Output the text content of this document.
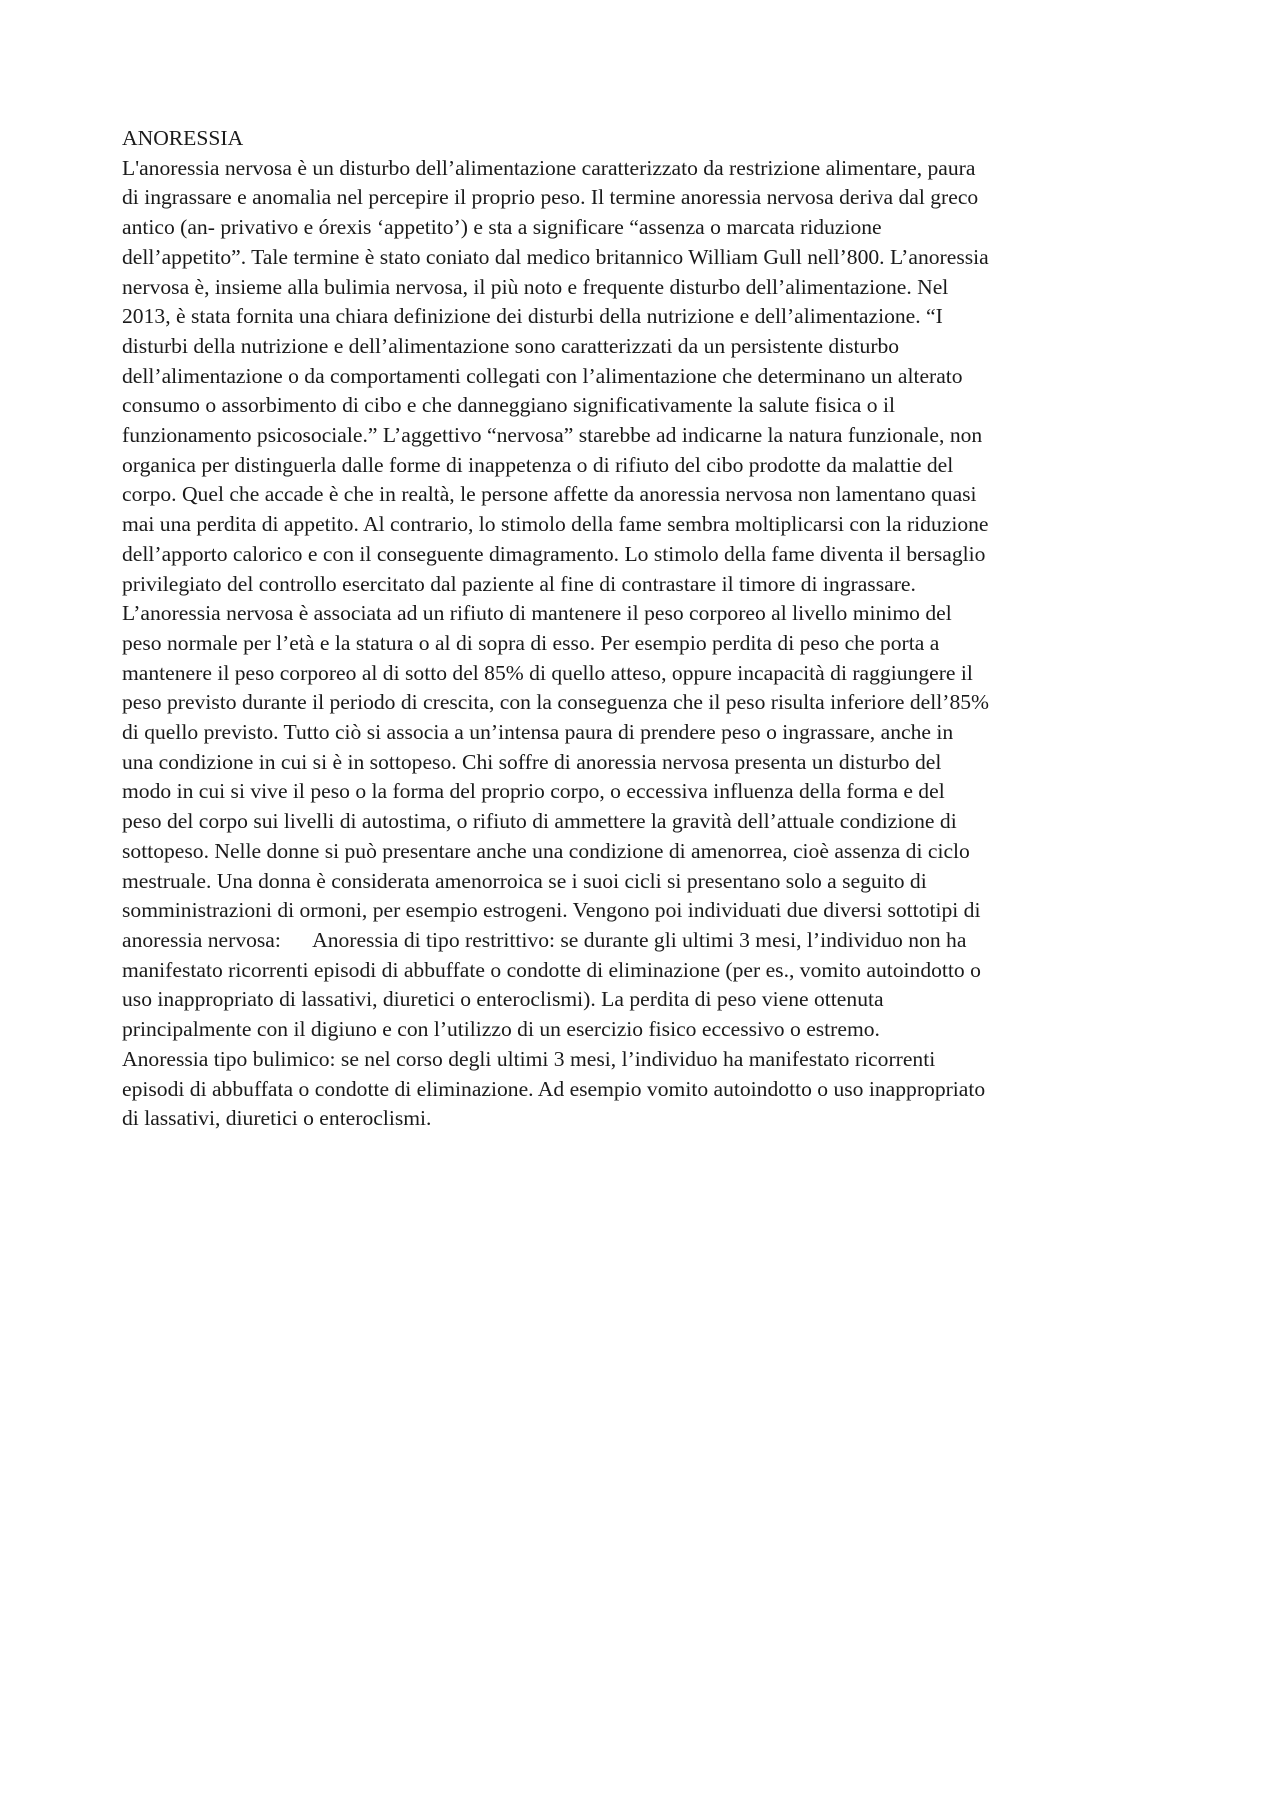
ANORESSIA
L'anoressia nervosa è un disturbo dell’alimentazione caratterizzato da restrizione alimentare, paura
di ingrassare e anomalia nel percepire il proprio peso. Il termine anoressia nervosa deriva dal greco
antico (an- privativo e órexis ‘appetito’) e sta a significare “assenza o marcata riduzione
dell’appetito”. Tale termine è stato coniato dal medico britannico William Gull nell’800. L’anoressia
nervosa è, insieme alla bulimia nervosa, il più noto e frequente disturbo dell’alimentazione. Nel
2013, è stata fornita una chiara definizione dei disturbi della nutrizione e dell’alimentazione. “I
disturbi della nutrizione e dell’alimentazione sono caratterizzati da un persistente disturbo
dell’alimentazione o da comportamenti collegati con l’alimentazione che determinano un alterato
consumo o assorbimento di cibo e che danneggiano significativamente la salute fisica o il
funzionamento psicosociale.” L’aggettivo “nervosa” starebbe ad indicarne la natura funzionale, non
organica per distinguerla dalle forme di inappetenza o di rifiuto del cibo prodotte da malattie del
corpo. Quel che accade è che in realtà, le persone affette da anoressia nervosa non lamentano quasi
mai una perdita di appetito. Al contrario, lo stimolo della fame sembra moltiplicarsi con la riduzione
dell’apporto calorico e con il conseguente dimagramento. Lo stimolo della fame diventa il bersaglio
privilegiato del controllo esercitato dal paziente al fine di contrastare il timore di ingrassare.
L’anoressia nervosa è associata ad un rifiuto di mantenere il peso corporeo al livello minimo del
peso normale per l’età e la statura o al di sopra di esso. Per esempio perdita di peso che porta a
mantenere il peso corporeo al di sotto del 85% di quello atteso, oppure incapacità di raggiungere il
peso previsto durante il periodo di crescita, con la conseguenza che il peso risulta inferiore dell’85%
di quello previsto. Tutto ciò si associa a un’intensa paura di prendere peso o ingrassare, anche in
una condizione in cui si è in sottopeso. Chi soffre di anoressia nervosa presenta un disturbo del
modo in cui si vive il peso o la forma del proprio corpo, o eccessiva influenza della forma e del
peso del corpo sui livelli di autostima, o rifiuto di ammettere la gravità dell’attuale condizione di
sottopeso. Nelle donne si può presentare anche una condizione di amenorrea, cioè assenza di ciclo
mestruale. Una donna è considerata amenorroica se i suoi cicli si presentano solo a seguito di
somministrazioni di ormoni, per esempio estrogeni. Vengono poi individuati due diversi sottotipi di
anoressia nervosa:      Anoressia di tipo restrittivo: se durante gli ultimi 3 mesi, l’individuo non ha
manifestato ricorrenti episodi di abbuffate o condotte di eliminazione (per es., vomito autoindotto o
uso inappropriato di lassativi, diuretici o enteroclismi). La perdita di peso viene ottenuta
principalmente con il digiuno e con l’utilizzo di un esercizio fisico eccessivo o estremo.
Anoressia tipo bulimico: se nel corso degli ultimi 3 mesi, l’individuo ha manifestato ricorrenti
episodi di abbuffata o condotte di eliminazione. Ad esempio vomito autoindotto o uso inappropriato
di lassativi, diuretici o enteroclismi.
